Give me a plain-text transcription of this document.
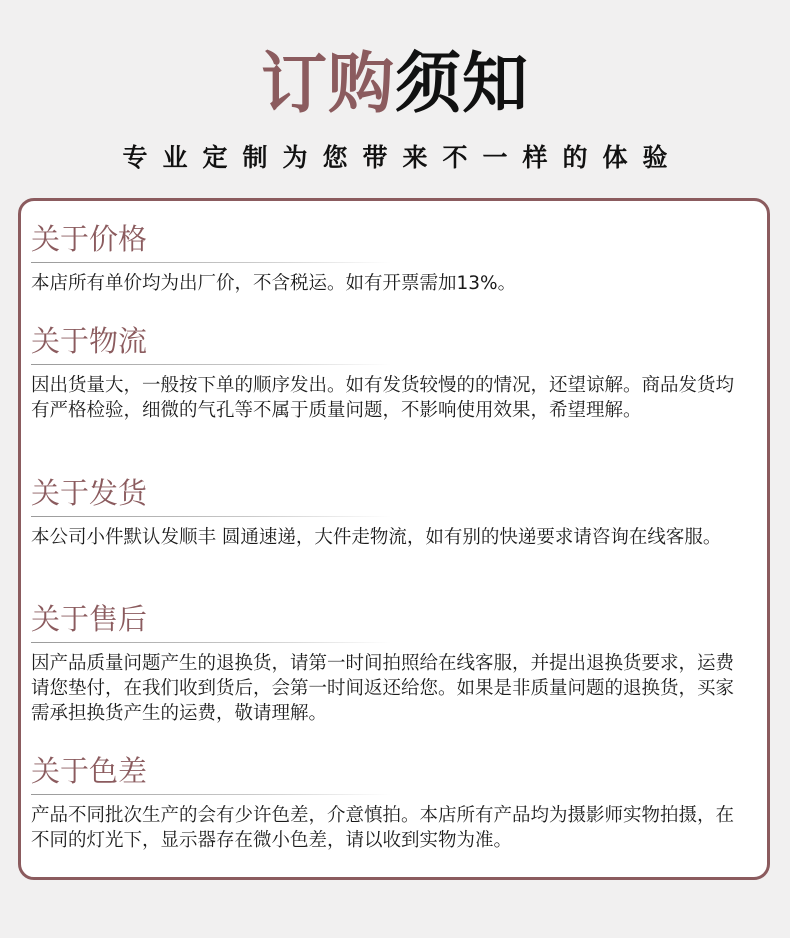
订购须知
专业定制为您带来不一样的体验
关于价格
本店所有单价均为出厂价，不含税运。如有开票需加13%。
关于物流
因出货量大，一般按下单的顺序发出。如有发货较慢的的情况，还望谅解。商品发货均有严格检验，细微的气孔等不属于质量问题，不影响使用效果，希望理解。
关于发货
本公司小件默认发顺丰 圆通速递，大件走物流，如有别的快递要求请咨询在线客服。
关于售后
因产品质量问题产生的退换货，请第一时间拍照给在线客服，并提出退换货要求，运费请您垫付，在我们收到货后，会第一时间返还给您。如果是非质量问题的退换货，买家需承担换货产生的运费，敬请理解。
关于色差
产品不同批次生产的会有少许色差，介意慎拍。本店所有产品均为摄影师实物拍摄，在不同的灯光下，显示器存在微小色差，请以收到实物为准。
